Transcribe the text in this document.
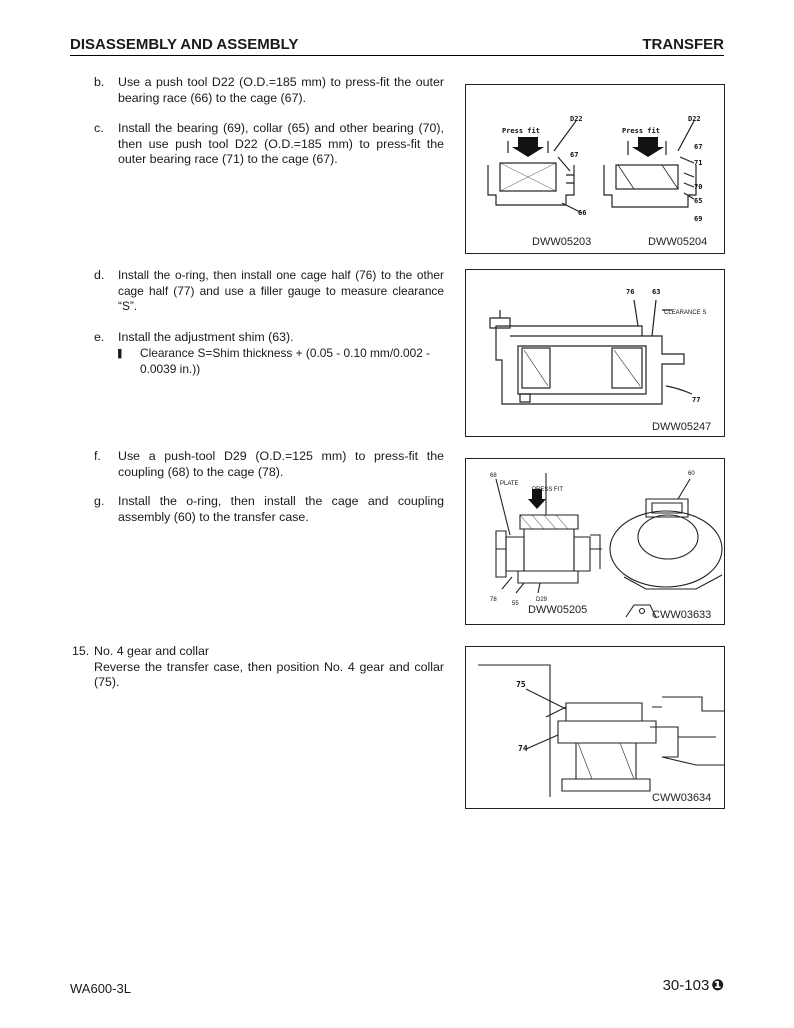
DISASSEMBLY AND ASSEMBLY	TRANSFER
b. Use a push tool D22 (O.D.=185 mm) to press-fit the outer bearing race (66) to the cage (67).
c. Install the bearing (69), collar (65) and other bearing (70), then use push tool D22 (O.D.=185 mm) to press-fit the outer bearing race (71) to the cage (67).
d. Install the o-ring, then install one cage half (76) to the other cage half (77) and use a filler gauge to measure clearance “S”.
e. Install the adjustment shim (63).
❚ Clearance S=Shim thickness + (0.05 - 0.10 mm/0.002 - 0.0039 in.))
f. Use a push-tool D29 (O.D.=125 mm) to press-fit the coupling (68) to the cage (78).
g. Install the o-ring, then install the cage and coupling assembly (60) to the transfer case.
15. No. 4 gear and collar
Reverse the transfer case, then position No. 4 gear and collar (75).
D22
Press fit
67
66
D22
Press fit
67
71
70
65
69
DWW05203	DWW05204
76	63
77
CLEARANCE S
DWW05247
68
PLATE
PRESS FIT
78
55
D29
60
DWW05205	CWW03633
75
74
CWW03634
WA600-3L	30-103 ❶
